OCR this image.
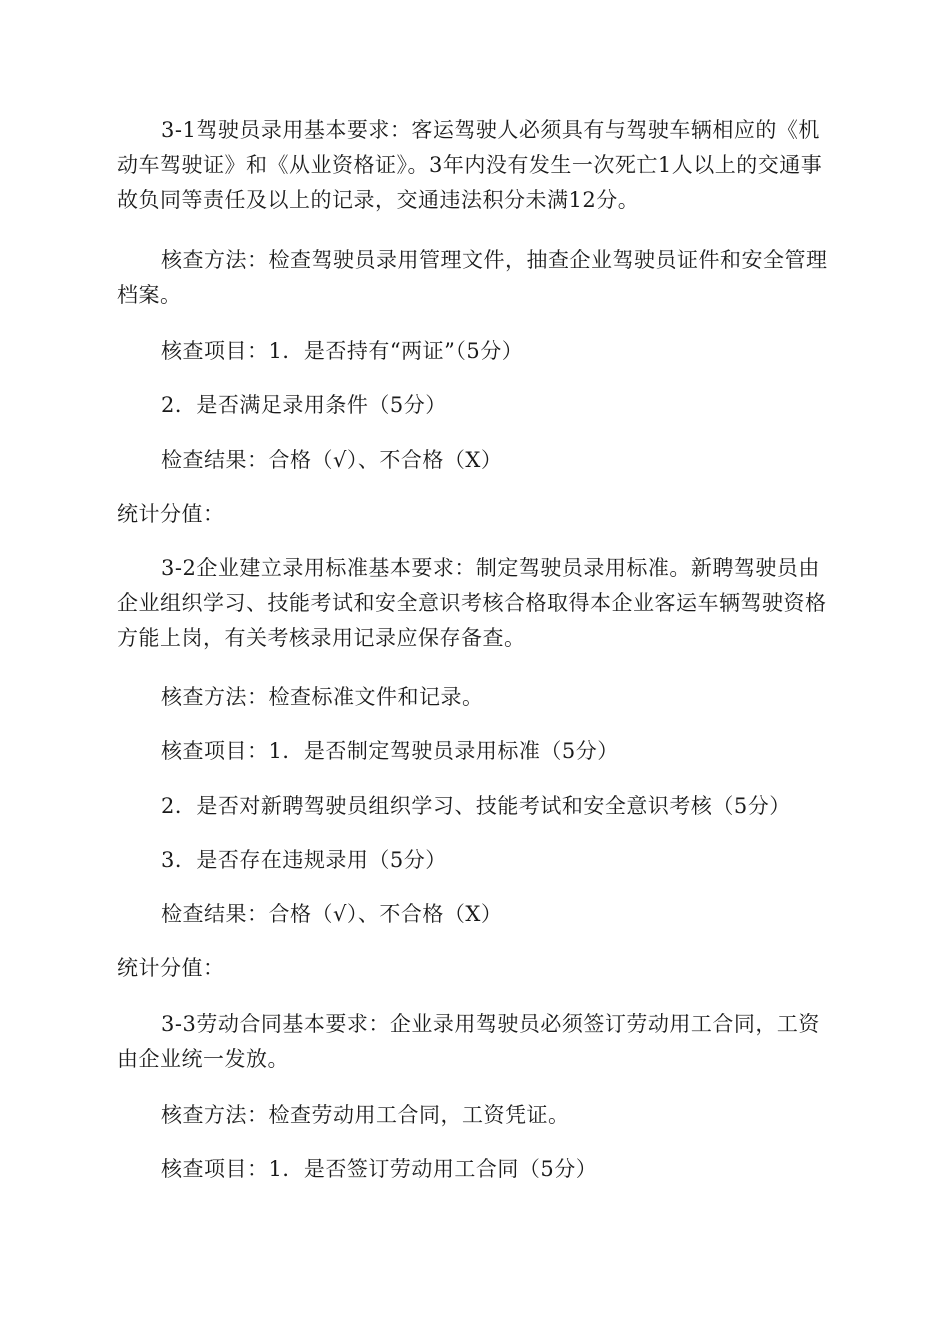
3-1驾驶员录用基本要求：客运驾驶人必须具有与驾驶车辆相应的《机动车驾驶证》和《从业资格证》。3年内没有发生一次死亡1人以上的交通事故负同等责任及以上的记录，交通违法积分未满12分。

核查方法：检查驾驶员录用管理文件，抽查企业驾驶员证件和安全管理档案。

核查项目：1．是否持有“两证”（5分）

2．是否满足录用条件（5分）

检查结果：合格（√）、不合格（Χ）

统计分值：

3-2企业建立录用标准基本要求：制定驾驶员录用标准。新聘驾驶员由企业组织学习、技能考试和安全意识考核合格取得本企业客运车辆驾驶资格方能上岗，有关考核录用记录应保存备查。

核查方法：检查标准文件和记录。

核查项目：1．是否制定驾驶员录用标准（5分）

2．是否对新聘驾驶员组织学习、技能考试和安全意识考核（5分）

3．是否存在违规录用（5分）

检查结果：合格（√）、不合格（Χ）

统计分值：

3-3劳动合同基本要求：企业录用驾驶员必须签订劳动用工合同，工资由企业统一发放。

核查方法：检查劳动用工合同，工资凭证。

核查项目：1．是否签订劳动用工合同（5分）
